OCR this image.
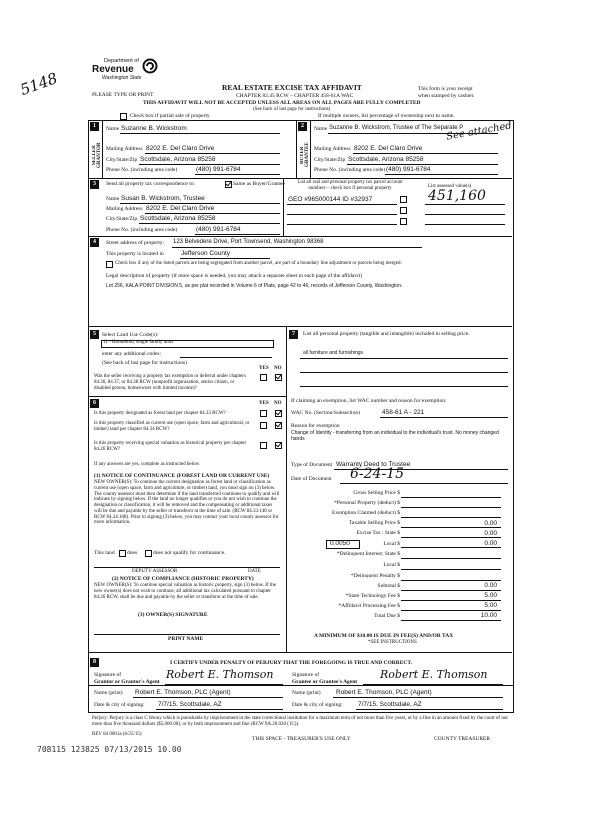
5148
Department of
Revenue
Washington State
PLEASE TYPE OR PRINT
REAL ESTATE EXCISE TAX AFFIDAVIT
CHAPTER 82.45 RCW – CHAPTER 458-61A WAC
THIS AFFIDAVIT WILL NOT BE ACCEPTED UNLESS ALL AREAS ON ALL PAGES ARE FULLY COMPLETED
(See back of last page for instructions)
This form is your receipt
when stamped by cashier.
Check box if partial sale of property	If multiple owners, list percentage of ownership next to name.
1
SELLER GRANTOR
Name Suzanne B. Wickstrom
Mailing Address 8202 E. Del Claro Drive
City/State/Zip Scottsdale, Arizona 85258
Phone No. (including area code)	(480) 991-6784
2
BUYER GRANTEE
Name Suzanne B. Wickstrom, Trustee of The Separate P
See attached
Mailing Address 8202 E. Del Claro Drive
City/State/Zip Scottsdale, Arizona 85258
Phone No. (including area code) (480) 991-6784
3	Send all property tax correspondence to:	Same as Buyer/Grantee
Name Susan B. Wickstrom, Trustee
Mailing Address 8202 E. Del Claro Drive
City/State/Zip Scottsdale, Arizona 85258
Phone No. (including area code)	(480) 991-6784
List all real and personal property tax parcel account
numbers – check box if personal property
GEO #965000144 ID #32937
List assessed value(s)
451,160
4	Street address of property: 123 Belvedere Drive, Port Townsend, Washington 98368
This property is located in	Jefferson County
Check box if any of the listed parcels are being segregated from another parcel, are part of a boundary line adjustment or parcels being merged.
Legal description of property (if more space is needed, you may attach a separate sheet to each page of the affidavit)
Lot 256, KALA POINT DIVISION 5, as per plat recorded in Volume 6 of Plats, page 42 to 46, records of Jefferson County, Washington.
5	Select Land Use Code(s):
11 - Household, single family units
enter any additional codes:
(See back of last page for instructions)
YES NO
Was the seller receiving a property tax exemption or deferral under chapters 84.36, 84.37, or 84.38 RCW (nonprofit organization, senior citizen, or disabled person, homeowner with limited income)?
7	List all personal property (tangible and intangible) included in selling price.
all furniture and furnishings
If claiming an exemption, list WAC number and reason for exemption:
WAC No. (Section/Subsection)	458-61 A - 221
Reason for exemption
Change of Identity - transferring from an individual to the individual's trust. No money changed hands
6	YES NO
Is this property designated as forest land per chapter 84.33 RCW?
Is this property classified as current use (open space, farm and agricultural, or timber) land per chapter 84.34 RCW?
Is this property receiving special valuation as historical property per chapter 84.26 RCW?
If any answers are yes, complete as instructed below.
(1) NOTICE OF CONTINUANCE (FOREST LAND OR CURRENT USE)
NEW OWNER(S): To continue the current designation as forest land or classification as current use (open space, farm and agriculture, or timber) land, you must sign on (3) below. The county assessor must then determine if the land transferred continues to qualify and will indicate by signing below. If the land no longer qualifies or you do not wish to continue the designation or classification, it will be removed and the compensating or additional taxes will be due and payable by the seller or transferor at the time of sale. (RCW 84.33.140 or RCW 84.34.108). Prior to signing (3) below, you may contact your local county assessor for more information.
This land does	does not qualify for continuance.
DEPUTY ASSESSOR	DATE
(2) NOTICE OF COMPLIANCE (HISTORIC PROPERTY)
NEW OWNER(S): To continue special valuation as historic property, sign (3) below. If the new owner(s) does not wish to continue, all additional tax calculated pursuant to chapter 84.26 RCW, shall be due and payable by the seller or transferor at the time of sale.
(3) OWNER(S) SIGNATURE
PRINT NAME
Type of Document Warranty Deed to Trustee
Date of Document 6-24-15
Gross Selling Price $
*Personal Property (deduct) $
Exemption Claimed (deduct) $
Taxable Selling Price $	0.00
Excise Tax : State $	0.00
0.0050	Local $	0.00
*Delinquent Interest: State $
Local $
*Delinquent Penalty $
Subtotal $	0.00
*State Technology Fee $	5.00
*Affidavit Processing Fee $	5.00
Total Due $	10.00
A MINIMUM OF $10.00 IS DUE IN FEE(S) AND/OR TAX
*SEE INSTRUCTIONS
8	I CERTIFY UNDER PENALTY OF PERJURY THAT THE FOREGOING IS TRUE AND CORRECT.
Signature of
Grantor or Grantor's Agent
Robert E. Thomson	Signature of
Grantee or Grantee's Agent
Robert E. Thomson
Name (print) Robert E. Thomson, PLC (Agent)	Name (print) Robert E. Thomson, PLC (Agent)
Date & city of signing: 7/7/15, Scottsdale, AZ	Date & city of signing: 7/7/15, Scottsdale, AZ
Perjury: Perjury is a class C felony which is punishable by imprisonment in the state correctional institution for a maximum term of not more than five years, or by a fine in an amount fixed by the court of not more than five thousand dollars ($5,000.00), or by both imprisonment and fine (RCW 9A.20.020 (1C)).
REV 84 0001a (6/25/15)
THIS SPACE - TREASURER'S USE ONLY	COUNTY TREASURER
708115 123825 07/13/2015 10.00
